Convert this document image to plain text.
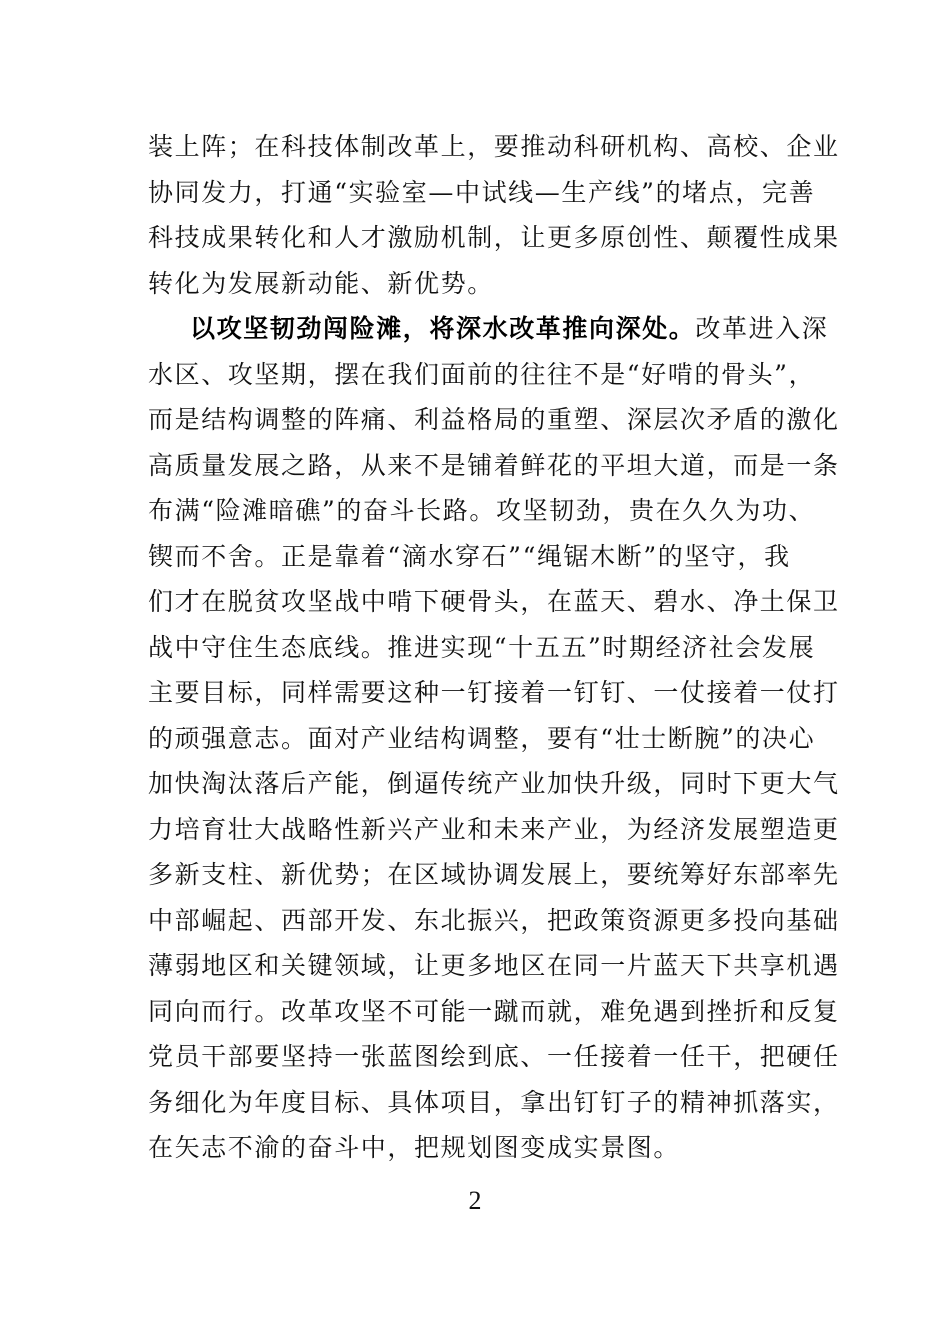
装上阵；在科技体制改革上，要推动科研机构、高校、企业
协同发力，打通“实验室—中试线—生产线”的堵点，完善
科技成果转化和人才激励机制，让更多原创性、颠覆性成果
转化为发展新动能、新优势。
以攻坚韧劲闯险滩，将深水改革推向深处。改革进入深
水区、攻坚期，摆在我们面前的往往不是“好啃的骨头”，
而是结构调整的阵痛、利益格局的重塑、深层次矛盾的激化
高质量发展之路，从来不是铺着鲜花的平坦大道，而是一条
布满“险滩暗礁”的奋斗长路。攻坚韧劲，贵在久久为功、
锲而不舍。正是靠着“滴水穿石”“绳锯木断”的坚守，我
们才在脱贫攻坚战中啃下硬骨头，在蓝天、碧水、净土保卫
战中守住生态底线。推进实现“十五五”时期经济社会发展
主要目标，同样需要这种一钉接着一钉钉、一仗接着一仗打
的顽强意志。面对产业结构调整，要有“壮士断腕”的决心
加快淘汰落后产能，倒逼传统产业加快升级，同时下更大气
力培育壮大战略性新兴产业和未来产业，为经济发展塑造更
多新支柱、新优势；在区域协调发展上，要统筹好东部率先
中部崛起、西部开发、东北振兴，把政策资源更多投向基础
薄弱地区和关键领域，让更多地区在同一片蓝天下共享机遇
同向而行。改革攻坚不可能一蹴而就，难免遇到挫折和反复
党员干部要坚持一张蓝图绘到底、一任接着一任干，把硬任
务细化为年度目标、具体项目，拿出钉钉子的精神抓落实，
在矢志不渝的奋斗中，把规划图变成实景图。
2
